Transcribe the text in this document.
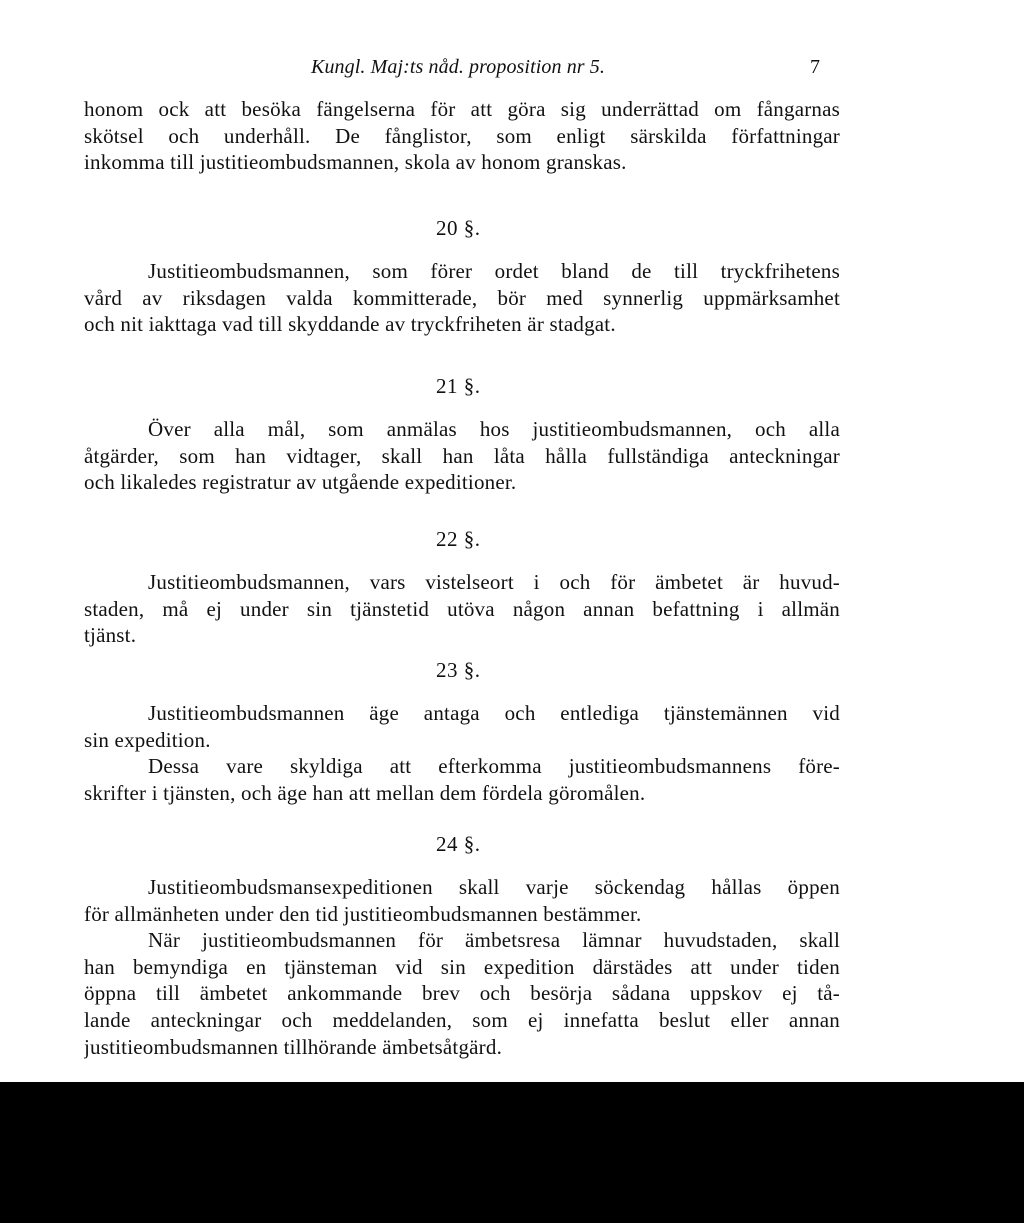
Kungl. Maj:ts nåd. proposition nr 5.	7
honom ock att besöka fängelserna för att göra sig underrättad om fångarnas
skötsel och underhåll. De fånglistor, som enligt särskilda författningar
inkomma till justitieombudsmannen, skola av honom granskas.
20 §.
Justitieombudsmannen, som förer ordet bland de till tryckfrihetens
vård av riksdagen valda kommitterade, bör med synnerlig uppmärksamhet
och nit iakttaga vad till skyddande av tryckfriheten är stadgat.
21 §.
Över alla mål, som anmälas hos justitieombudsmannen, och alla
åtgärder, som han vidtager, skall han låta hålla fullständiga anteckningar
och likaledes registratur av utgående expeditioner.
22 §.
Justitieombudsmannen, vars vistelseort i och för ämbetet är huvud-
staden, må ej under sin tjänstetid utöva någon annan befattning i allmän
tjänst.
23 §.
Justitieombudsmannen äge antaga och entlediga tjänstemännen vid
sin expedition.
Dessa vare skyldiga att efterkomma justitieombudsmannens före-
skrifter i tjänsten, och äge han att mellan dem fördela göromålen.
24 §.
Justitieombudsmansexpeditionen skall varje söckendag hållas öppen
för allmänheten under den tid justitieombudsmannen bestämmer.
När justitieombudsmannen för ämbetsresa lämnar huvudstaden, skall
han bemyndiga en tjänsteman vid sin expedition därstädes att under tiden
öppna till ämbetet ankommande brev och besörja sådana uppskov ej tå-
lande anteckningar och meddelanden, som ej innefatta beslut eller annan
justitieombudsmannen tillhörande ämbetsåtgärd.
